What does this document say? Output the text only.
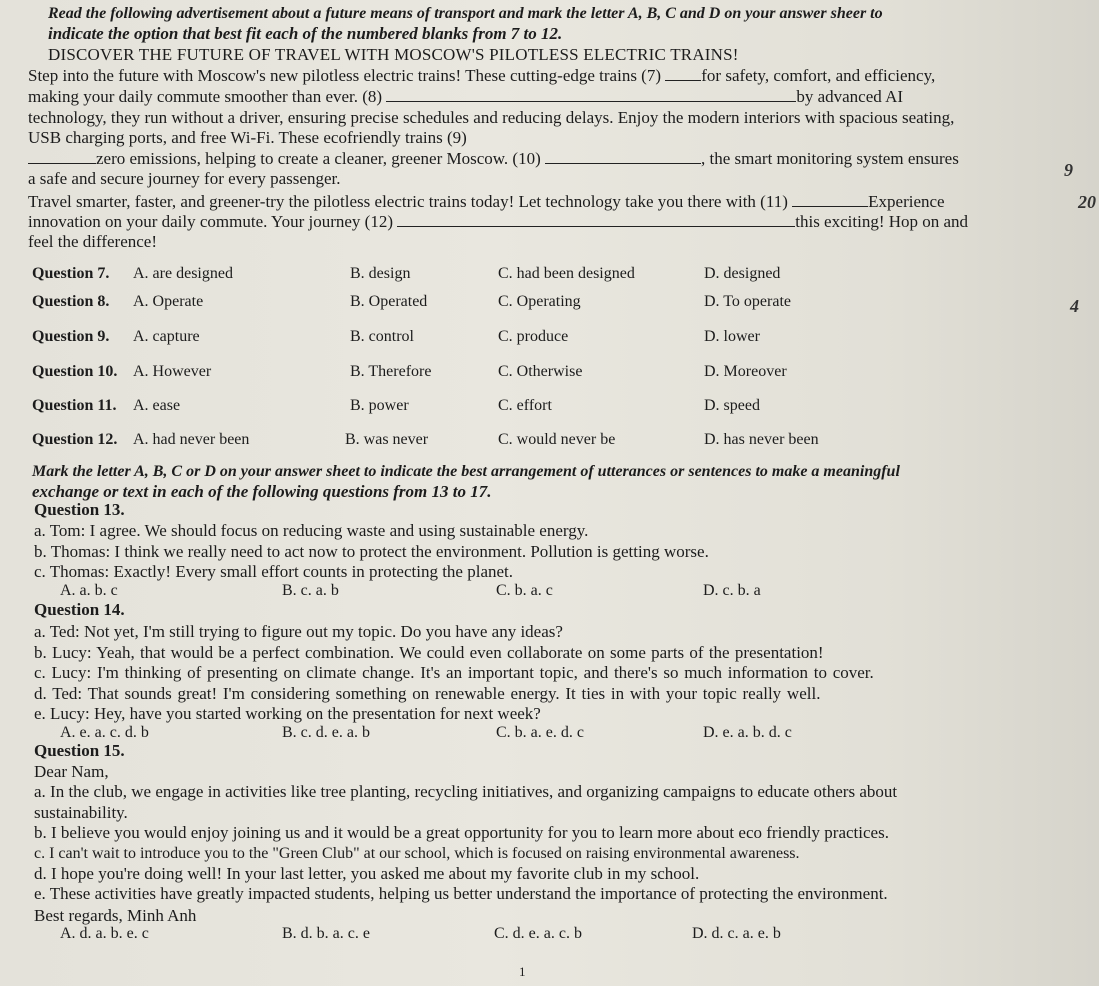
Read the following advertisement about a future means of transport and mark the letter A, B, C and D on your answer sheer to
indicate the option that best fit each of the numbered blanks from 7 to 12.
DISCOVER THE FUTURE OF TRAVEL WITH MOSCOW'S PILOTLESS ELECTRIC TRAINS!
Step into the future with Moscow's new pilotless electric trains! These cutting-edge trains (7) for safety, comfort, and efficiency,
making your daily commute smoother than ever. (8)	by advanced AI
technology, they run without a driver, ensuring precise schedules and reducing delays. Enjoy the modern interiors with spacious seating,
USB charging ports, and free Wi-Fi. These ecofriendly trains (9)
zero emissions, helping to create a cleaner, greener Moscow. (10)	, the smart monitoring system ensures
a safe and secure journey for every passenger.
Travel smarter, faster, and greener-try the pilotless electric trains today! Let technology take you there with (11)	Experience
innovation on your daily commute. Your journey (12)	this exciting! Hop on and
feel the difference!
9
20
4
Question 7. A. are designed	B. design	C. had been designed	D. designed
Question 8. A. Operate	B. Operated	C. Operating	D. To operate
Question 9. A. capture	B. control	C. produce	D. lower
Question 10. A. However	B. Therefore	C. Otherwise	D. Moreover
Question 11. A. ease	B. power	C. effort	D. speed
Question 12. A. had never been	B. was never	C. would never be	D. has never been
Mark the letter A, B, C or D on your answer sheet to indicate the best arrangement of utterances or sentences to make a meaningful
exchange or text in each of the following questions from 13 to 17.
Question 13.
a. Tom: I agree. We should focus on reducing waste and using sustainable energy.
b. Thomas: I think we really need to act now to protect the environment. Pollution is getting worse.
c. Thomas: Exactly! Every small effort counts in protecting the planet.
A. a. b. c	B. c. a. b	C. b. a. c	D. c. b. a
Question 14.
a. Ted: Not yet, I'm still trying to figure out my topic. Do you have any ideas?
b. Lucy: Yeah, that would be a perfect combination. We could even collaborate on some parts of the presentation!
c. Lucy: I'm thinking of presenting on climate change. It's an important topic, and there's so much information to cover.
d. Ted: That sounds great! I'm considering something on renewable energy. It ties in with your topic really well.
e. Lucy: Hey, have you started working on the presentation for next week?
A. e. a. c. d. b	B. c. d. e. a. b	C. b. a. e. d. c	D. e. a. b. d. c
Question 15.
Dear Nam,
a. In the club, we engage in activities like tree planting, recycling initiatives, and organizing campaigns to educate others about
sustainability.
b. I believe you would enjoy joining us and it would be a great opportunity for you to learn more about eco friendly practices.
c. I can't wait to introduce you to the "Green Club" at our school, which is focused on raising environmental awareness.
d. I hope you're doing well! In your last letter, you asked me about my favorite club in my school.
e. These activities have greatly impacted students, helping us better understand the importance of protecting the environment.
Best regards, Minh Anh
A. d. a. b. e. c	B. d. b. a. c. e	C. d. e. a. c. b	D. d. c. a. e. b
1
